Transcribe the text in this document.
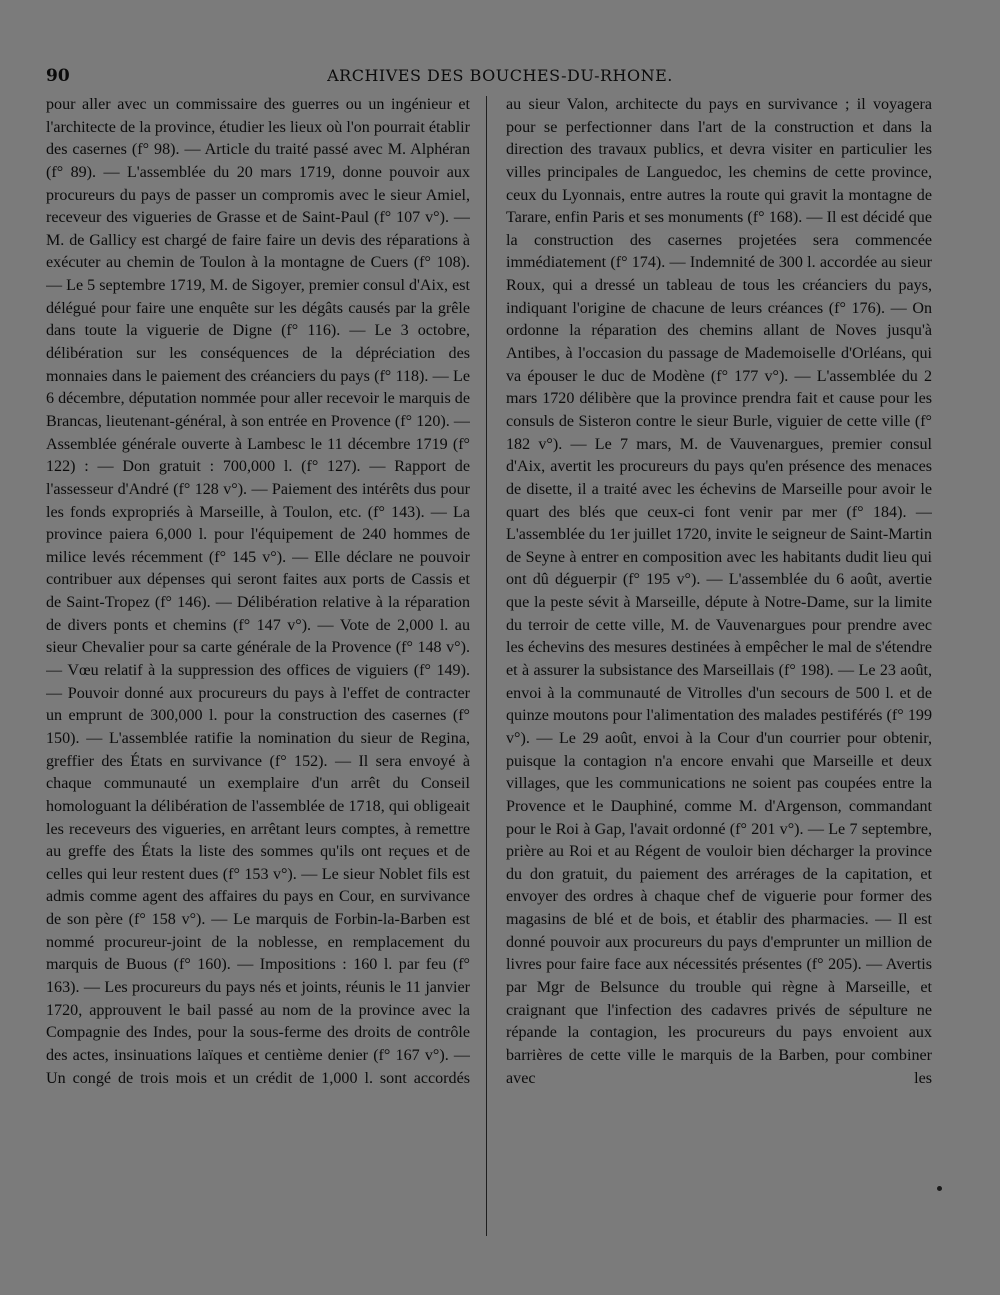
90	ARCHIVES DES BOUCHES-DU-RHONE.
pour aller avec un commissaire des guerres ou un ingénieur et l'architecte de la province, étudier les lieux où l'on pourrait établir des casernes (f° 98). — Article du traité passé avec M. Alphéran (f° 89). — L'assemblée du 20 mars 1719, donne pouvoir aux procureurs du pays de passer un compromis avec le sieur Amiel, receveur des vigueries de Grasse et de Saint-Paul (f° 107 v°). — M. de Gallicy est chargé de faire faire un devis des réparations à exécuter au chemin de Toulon à la montagne de Cuers (f° 108). — Le 5 septembre 1719, M. de Sigoyer, premier consul d'Aix, est délégué pour faire une enquête sur les dégâts causés par la grêle dans toute la viguerie de Digne (f° 116). — Le 3 octobre, délibération sur les conséquences de la dépréciation des monnaies dans le paiement des créanciers du pays (f° 118). — Le 6 décembre, députation nommée pour aller recevoir le marquis de Brancas, lieutenant-général, à son entrée en Provence (f° 120). — Assemblée générale ouverte à Lambesc le 11 décembre 1719 (f° 122) : — Don gratuit : 700,000 l. (f° 127). — Rapport de l'assesseur d'André (f° 128 v°). — Paiement des intérêts dus pour les fonds expropriés à Marseille, à Toulon, etc. (f° 143). — La province paiera 6,000 l. pour l'équipement de 240 hommes de milice levés récemment (f° 145 v°). — Elle déclare ne pouvoir contribuer aux dépenses qui seront faites aux ports de Cassis et de Saint-Tropez (f° 146). — Délibération relative à la réparation de divers ponts et chemins (f° 147 v°). — Vote de 2,000 l. au sieur Chevalier pour sa carte générale de la Provence (f° 148 v°). — Vœu relatif à la suppression des offices de viguiers (f° 149). — Pouvoir donné aux procureurs du pays à l'effet de contracter un emprunt de 300,000 l. pour la construction des casernes (f° 150). — L'assemblée ratifie la nomination du sieur de Regina, greffier des États en survivance (f° 152). — Il sera envoyé à chaque communauté un exemplaire d'un arrêt du Conseil homologuant la délibération de l'assemblée de 1718, qui obligeait les receveurs des vigueries, en arrêtant leurs comptes, à remettre au greffe des États la liste des sommes qu'ils ont reçues et de celles qui leur restent dues (f° 153 v°). — Le sieur Noblet fils est admis comme agent des affaires du pays en Cour, en survivance de son père (f° 158 v°). — Le marquis de Forbin-la-Barben est nommé procureur-joint de la noblesse, en remplacement du marquis de Buous (f° 160). — Impositions : 160 l. par feu (f° 163). — Les procureurs du pays nés et joints, réunis le 11 janvier 1720, approuvent le bail passé au nom de la province avec la Compagnie des Indes, pour la sous-ferme des droits de contrôle des actes, insinuations laïques et centième denier (f° 167 v°). — Un congé de trois mois et un crédit de 1,000 l. sont accordés
au sieur Valon, architecte du pays en survivance ; il voyagera pour se perfectionner dans l'art de la construction et dans la direction des travaux publics, et devra visiter en particulier les villes principales de Languedoc, les chemins de cette province, ceux du Lyonnais, entre autres la route qui gravit la montagne de Tarare, enfin Paris et ses monuments (f° 168). — Il est décidé que la construction des casernes projetées sera commencée immédiatement (f° 174). — Indemnité de 300 l. accordée au sieur Roux, qui a dressé un tableau de tous les créanciers du pays, indiquant l'origine de chacune de leurs créances (f° 176). — On ordonne la réparation des chemins allant de Noves jusqu'à Antibes, à l'occasion du passage de Mademoiselle d'Orléans, qui va épouser le duc de Modène (f° 177 v°). — L'assemblée du 2 mars 1720 délibère que la province prendra fait et cause pour les consuls de Sisteron contre le sieur Burle, viguier de cette ville (f° 182 v°). — Le 7 mars, M. de Vauvenargues, premier consul d'Aix, avertit les procureurs du pays qu'en présence des menaces de disette, il a traité avec les échevins de Marseille pour avoir le quart des blés que ceux-ci font venir par mer (f° 184). — L'assemblée du 1er juillet 1720, invite le seigneur de Saint-Martin de Seyne à entrer en composition avec les habitants dudit lieu qui ont dû déguerpir (f° 195 v°). — L'assemblée du 6 août, avertie que la peste sévit à Marseille, députe à Notre-Dame, sur la limite du terroir de cette ville, M. de Vauvenargues pour prendre avec les échevins des mesures destinées à empêcher le mal de s'étendre et à assurer la subsistance des Marseillais (f° 198). — Le 23 août, envoi à la communauté de Vitrolles d'un secours de 500 l. et de quinze moutons pour l'alimentation des malades pestiférés (f° 199 v°). — Le 29 août, envoi à la Cour d'un courrier pour obtenir, puisque la contagion n'a encore envahi que Marseille et deux villages, que les communications ne soient pas coupées entre la Provence et le Dauphiné, comme M. d'Argenson, commandant pour le Roi à Gap, l'avait ordonné (f° 201 v°). — Le 7 septembre, prière au Roi et au Régent de vouloir bien décharger la province du don gratuit, du paiement des arrérages de la capitation, et envoyer des ordres à chaque chef de viguerie pour former des magasins de blé et de bois, et établir des pharmacies. — Il est donné pouvoir aux procureurs du pays d'emprunter un million de livres pour faire face aux nécessités présentes (f° 205). — Avertis par Mgr de Belsunce du trouble qui règne à Marseille, et craignant que l'infection des cadavres privés de sépulture ne répande la contagion, les procureurs du pays envoient aux barrières de cette ville le marquis de la Barben, pour combiner avec les
